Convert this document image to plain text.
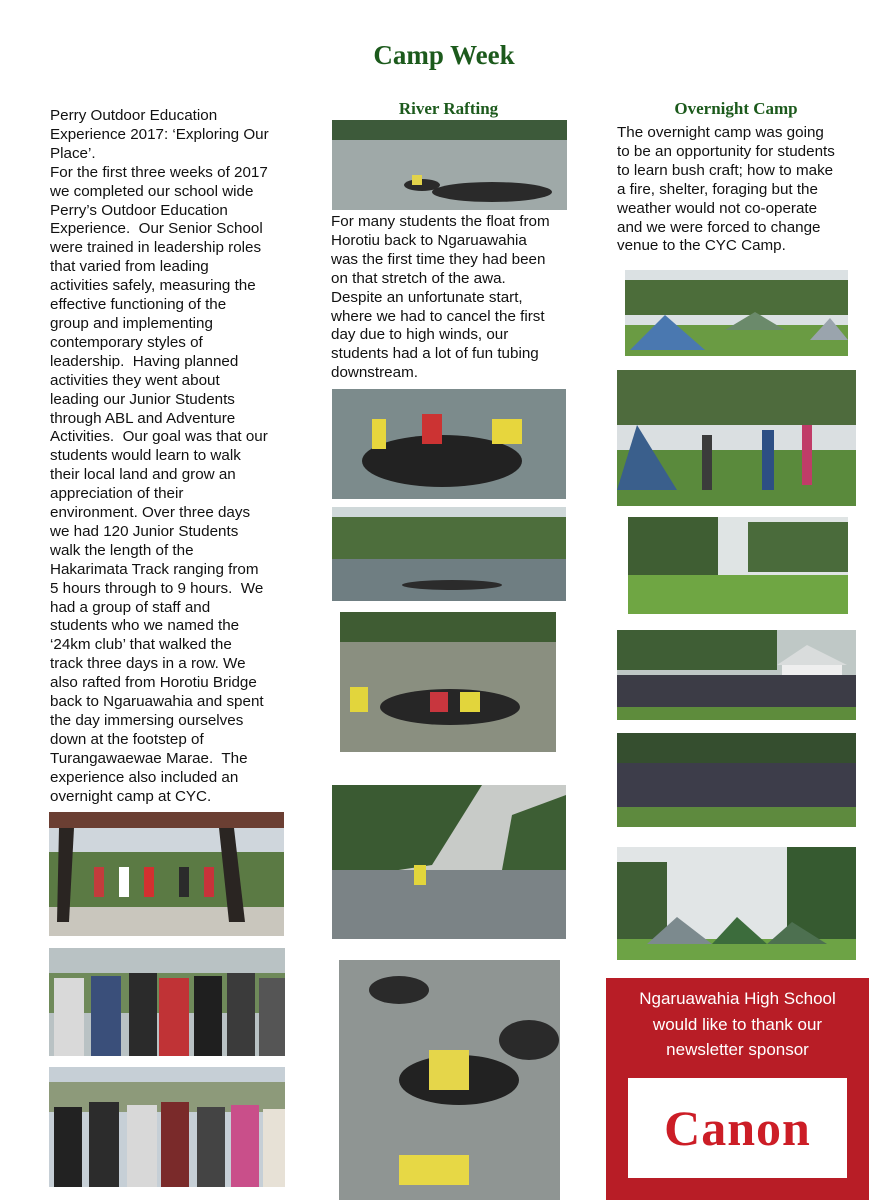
Camp Week
Perry Outdoor Education
Experience 2017: ‘Exploring Our
Place’.
For the first three weeks of 2017
we completed our school wide
Perry’s Outdoor Education
Experience.  Our Senior School
were trained in leadership roles
that varied from leading
activities safely, measuring the
effective functioning of the
group and implementing
contemporary styles of
leadership.  Having planned
activities they went about
leading our Junior Students
through ABL and Adventure
Activities.  Our goal was that our
students would learn to walk
their local land and grow an
appreciation of their
environment. Over three days
we had 120 Junior Students
walk the length of the
Hakarimata Track ranging from
5 hours through to 9 hours.  We
had a group of staff and
students who we named the
‘24km club’ that walked the
track three days in a row. We
also rafted from Horotiu Bridge
back to Ngaruawahia and spent
the day immersing ourselves
down at the footstep of
Turangawaewae Marae.  The
experience also included an
overnight camp at CYC.
River Rafting
For many students the float from
Horotiu back to Ngaruawahia
was the first time they had been
on that stretch of the awa.
Despite an unfortunate start,
where we had to cancel the first
day due to high winds, our
students had a lot of fun tubing
downstream.
Overnight Camp
The overnight camp was going
to be an opportunity for students
to learn bush craft; how to make
a fire, shelter, foraging but the
weather would not co-operate
and we were forced to change
venue to the CYC Camp.
Ngaruawahia High School
would like to thank our
newsletter sponsor
Canon
